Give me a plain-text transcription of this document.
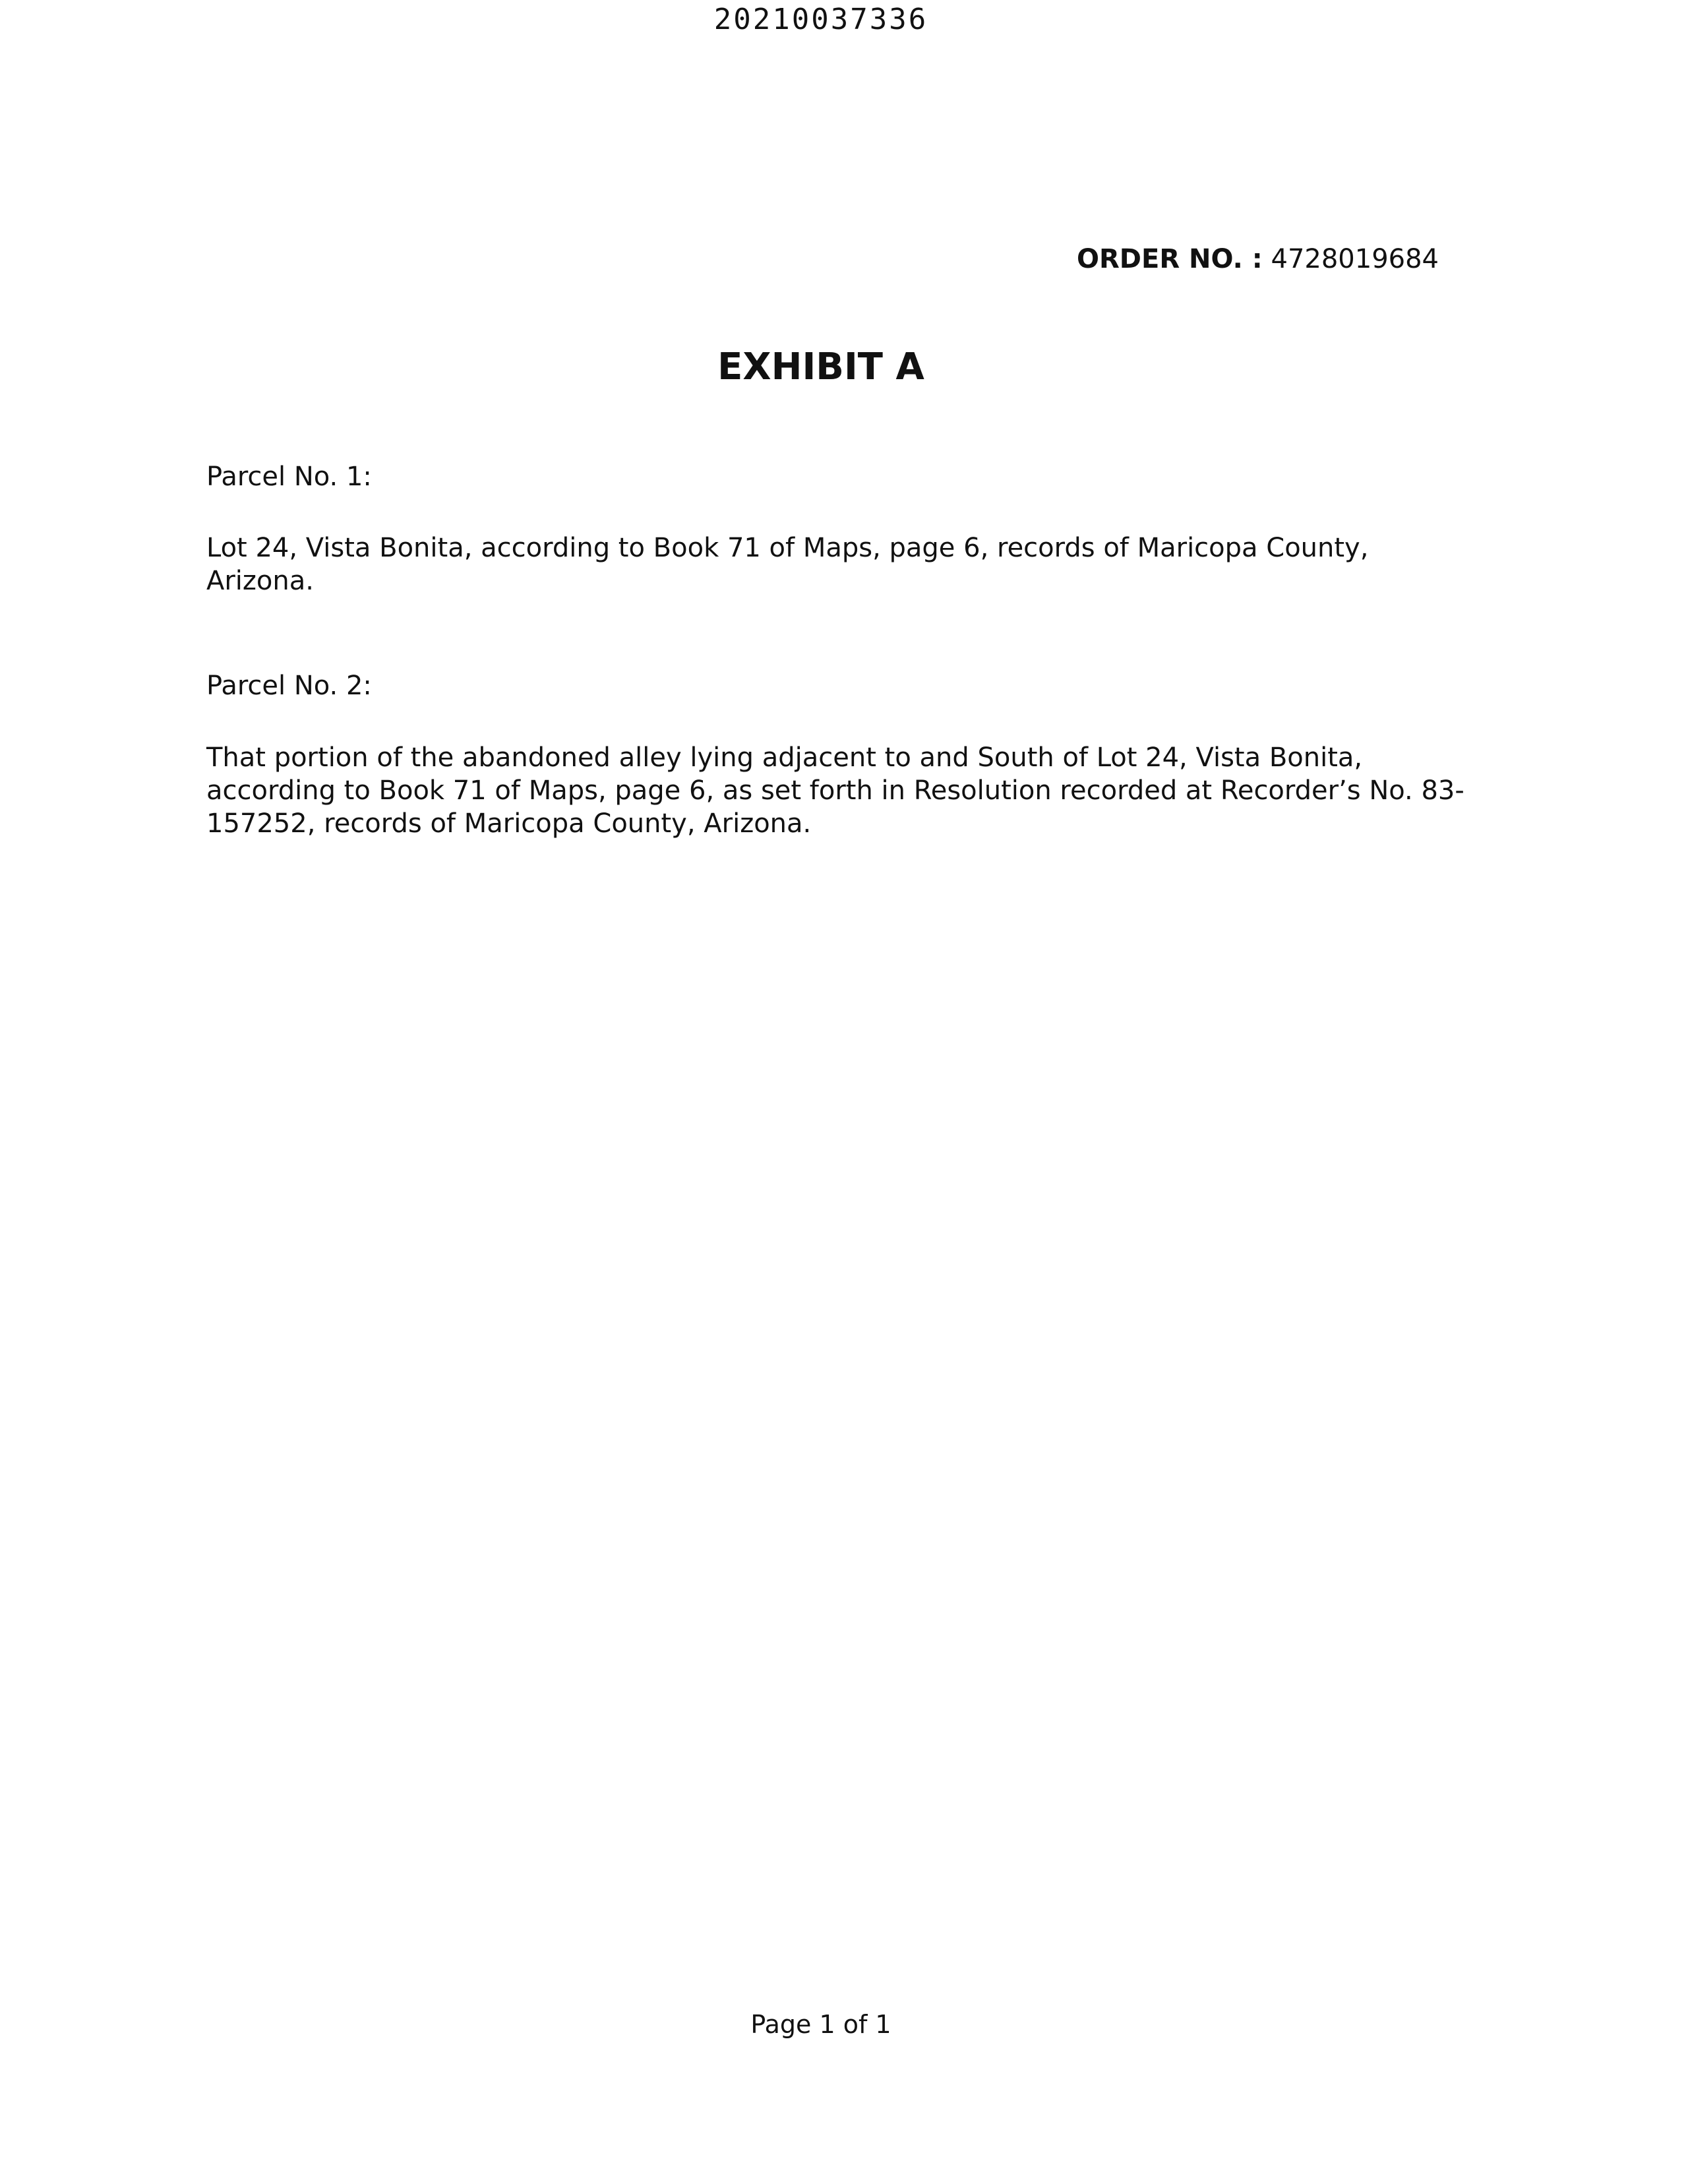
20210037336
ORDER NO. : 4728019684
EXHIBIT A
Parcel No. 1:
Lot 24, Vista Bonita, according to Book 71 of Maps, page 6, records of Maricopa County,
Arizona.
Parcel No. 2:
That portion of the abandoned alley lying adjacent to and South of Lot 24, Vista Bonita,
according to Book 71 of Maps, page 6, as set forth in Resolution recorded at Recorder’s No. 83-
157252, records of Maricopa County, Arizona.
Page 1 of 1
